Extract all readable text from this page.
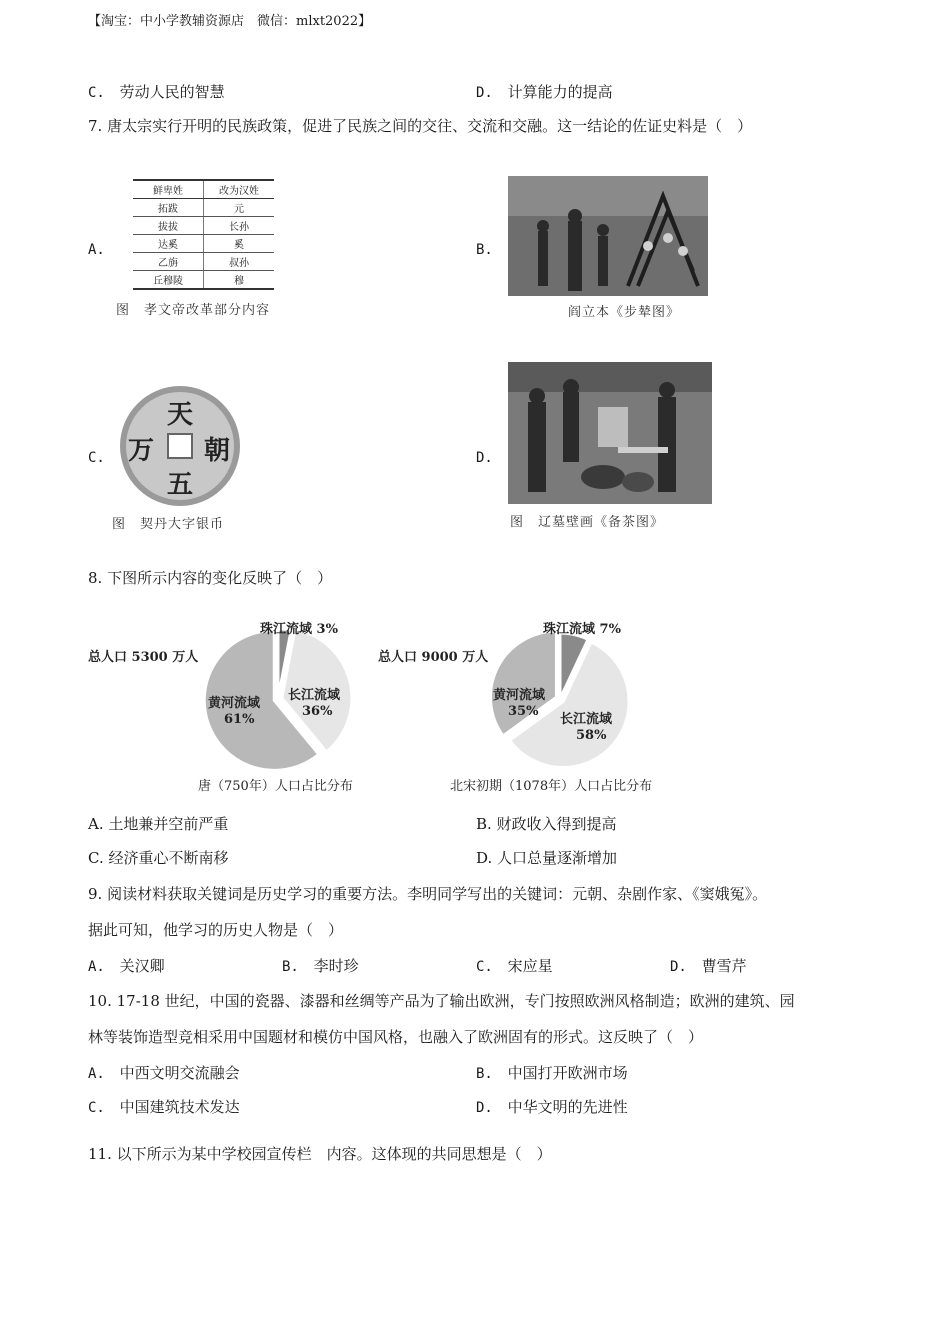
【淘宝：中小学教辅资源店　微信：mlxt2022】
C. 劳动人民的智慧	D. 计算能力的提高
7. 唐太宗实行开明的民族政策，促进了民族之间的交往、交流和交融。这一结论的佐证史料是（　）
A.
鲜卑姓	改为汉姓
拓跋	元
拔拔	长孙
达奚	奚
乙旃	叔孙
丘穆陵	穆
图　孝文帝改革部分内容
B.
阎立本《步辇图》
C.
天
朝
万
五
图　契丹大字银币
D.
图　辽墓壁画《备茶图》
8. 下图所示内容的变化反映了（　）
总人口 5300 万人
珠江流域 3%
长江流域
36%
黄河流域
61%
唐（750年）人口占比分布
总人口 9000 万人
珠江流域 7%
长江流域
58%
黄河流域
35%
北宋初期（1078年）人口占比分布
A. 土地兼并空前严重	B. 财政收入得到提高
C. 经济重心不断南移	D. 人口总量逐渐增加
9. 阅读材料获取关键词是历史学习的重要方法。李明同学写出的关键词：元朝、杂剧作家、《窦娥冤》。
据此可知，他学习的历史人物是（　）
A. 关汉卿	B. 李时珍	C. 宋应星	D. 曹雪芹
10. 17-18 世纪，中国的瓷器、漆器和丝绸等产品为了输出欧洲，专门按照欧洲风格制造；欧洲的建筑、园
林等装饰造型竞相采用中国题材和模仿中国风格，也融入了欧洲固有的形式。这反映了（　）
A. 中西文明交流融会	B. 中国打开欧洲市场
C. 中国建筑技术发达	D. 中华文明的先进性
11. 以下所示为某中学校园宣传栏　内容。这体现的共同思想是（　）
